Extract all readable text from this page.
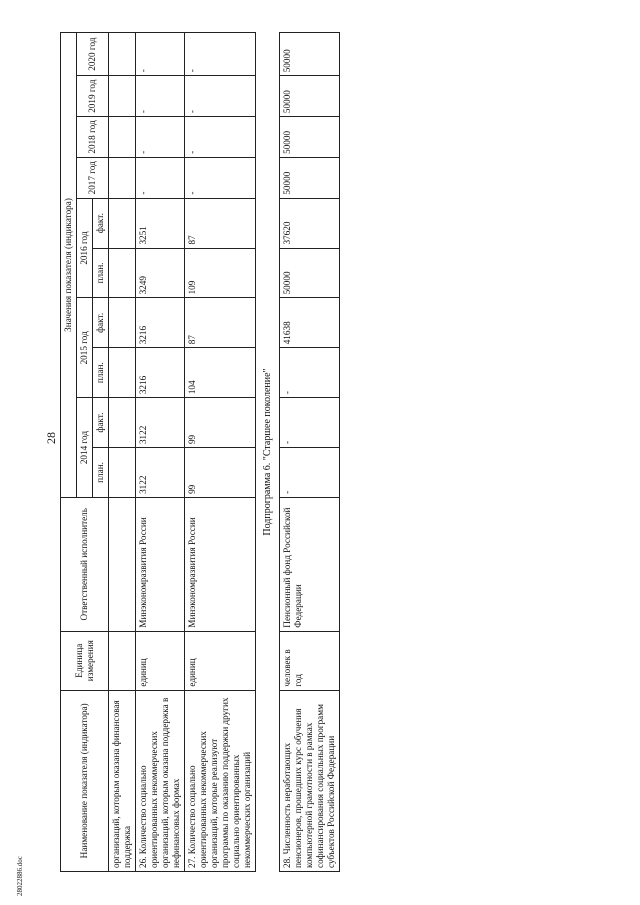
28
Наименование показателя (индикатора)	Единица измерения	Ответственный исполнитель	Значения показателя (индикатора)									
			2014 год		2015 год		2016 год		2017 год	2018 год	2019 год	2020 год
			план.	факт.	план.	факт.	план.	факт.				
организаций, которым оказана финансовая поддержка												
26. Количество социально ориентированных некоммерческих организаций, которым оказана поддержка в нефинансовых формах	единиц	Минэкономразвития России	3122	3122	3216	3216	3249	3251	-	-	-	-
27. Количество социально ориентированных некоммерческих организаций, которые реализуют программы по оказанию поддержки других социально ориентированных некоммерческих организаций	единиц	Минэкономразвития России	99	99	104	87	109	87	-	-	-	-
Подпрограмма 6. "Старшее поколение"												
28. Численность неработающих пенсионеров, прошедших курс обучения компьютерной грамотности в рамках софинансирования социальных программ субъектов Российской Федерации	человек в год	Пенсионный фонд Российской Федерации	-	-	-	41638	50000	37620	50000	50000	50000	50000
28022886.doc
